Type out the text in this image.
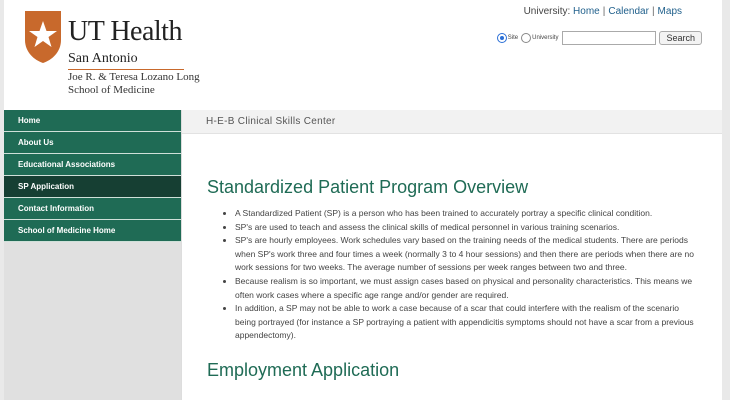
UT Health
San Antonio
Joe R. & Teresa Lozano Long
School of Medicine
University: Home | Calendar | Maps
Site University	Search
Home
About Us
Educational Associations
SP Application
Contact Information
School of Medicine Home
H-E-B Clinical Skills Center
Standardized Patient Program Overview
• A Standardized Patient (SP) is a person who has been trained to accurately portray a specific clinical condition.
• SP's are used to teach and assess the clinical skills of medical personnel in various training scenarios.
• SP's are hourly employees. Work schedules vary based on the training needs of the medical students. There are periods when SP's work three and four times a week (normally 3 to 4 hour sessions) and then there are periods when there are no work sessions for two weeks. The average number of sessions per week ranges between two and three.
• Because realism is so important, we must assign cases based on physical and personality characteristics. This means we often work cases where a specific age range and/or gender are required.
• In addition, a SP may not be able to work a case because of a scar that could interfere with the realism of the scenario being portrayed (for instance a SP portraying a patient with appendicitis symptoms should not have a scar from a previous appendectomy).
Employment Application
